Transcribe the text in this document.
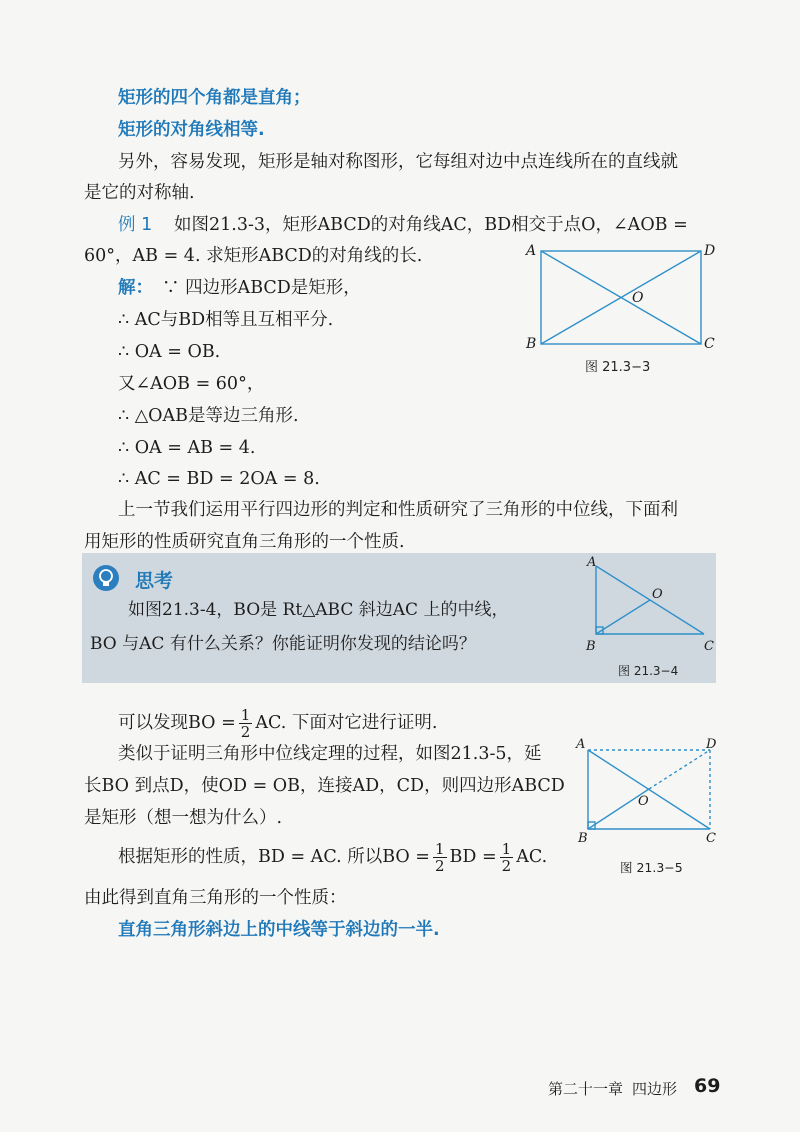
矩形的四个角都是直角；
矩形的对角线相等.
另外，容易发现，矩形是轴对称图形，它每组对边中点连线所在的直线就
是它的对称轴.
例 1 如图21.3-3，矩形ABCD的对角线AC，BD相交于点O，∠AOB =
60°，AB = 4. 求矩形ABCD的对角线的长.
解： ∵ 四边形ABCD是矩形，
∴ AC与BD相等且互相平分.
∴ OA = OB.
又∠AOB = 60°，
∴ △OAB是等边三角形.
∴ OA = AB = 4.
∴ AC = BD = 2OA = 8.
A	D
B	C
O
图 21.3−3
上一节我们运用平行四边形的判定和性质研究了三角形的中位线，下面利
用矩形的性质研究直角三角形的一个性质.
思考
如图21.3-4，BO是 Rt△ABC 斜边AC 上的中线，
BO 与AC 有什么关系？你能证明你发现的结论吗？
A
B	C
O
图 21.3−4
可以发现BO = $\frac{1}{2}$ AC. 下面对它进行证明.
类似于证明三角形中位线定理的过程，如图21.3-5，延
长BO 到点D，使OD = OB，连接AD，CD，则四边形ABCD
是矩形（想一想为什么）.
根据矩形的性质，BD = AC. 所以BO = $\frac{1}{2}$ BD = $\frac{1}{2}$ AC.
由此得到直角三角形的一个性质：
直角三角形斜边上的中线等于斜边的一半.
A	D
B	C
O
图 21.3−5
第二十一章 四边形 69
